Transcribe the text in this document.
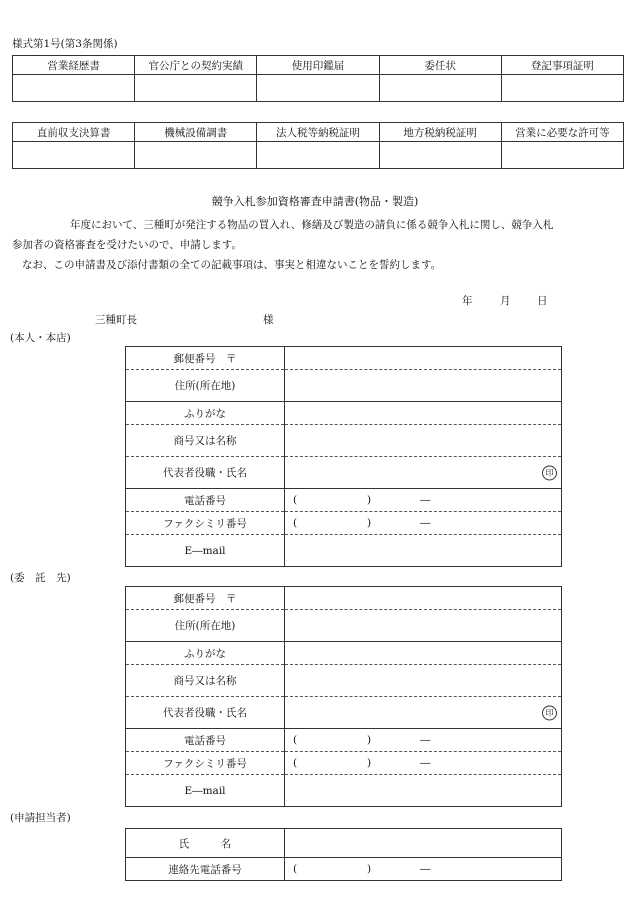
様式第1号(第3条関係)
営業経歴書	官公庁との契約実績	使用印鑑届	委任状	登記事項証明

直前収支決算書	機械設備調書	法人税等納税証明	地方税納税証明	営業に必要な許可等

競争入札参加資格審査申請書(物品・製造)
年度において、三種町が発注する物品の買入れ、修繕及び製造の請負に係る競争入札に関し、競争入札
参加者の資格審査を受けたいので、申請します。
なお、この申請書及び添付書類の全ての記載事項は、事実と相違ないことを誓約します。
年	月	日
三種町長	様
(本人・本店)
郵便番号　〒	
住所(所在地)	
ふりがな	
商号又は名称	
代表者役職・氏名	印

電話番号	( ) ―

ファクシミリ番号	( ) ―

E―mail	
(委　託　先)
郵便番号　〒	
住所(所在地)	
ふりがな	
商号又は名称	
代表者役職・氏名	印

電話番号	( ) ―

ファクシミリ番号	( ) ―

E―mail	
(申請担当者)
氏　　　名	
連絡先電話番号	( ) ―
